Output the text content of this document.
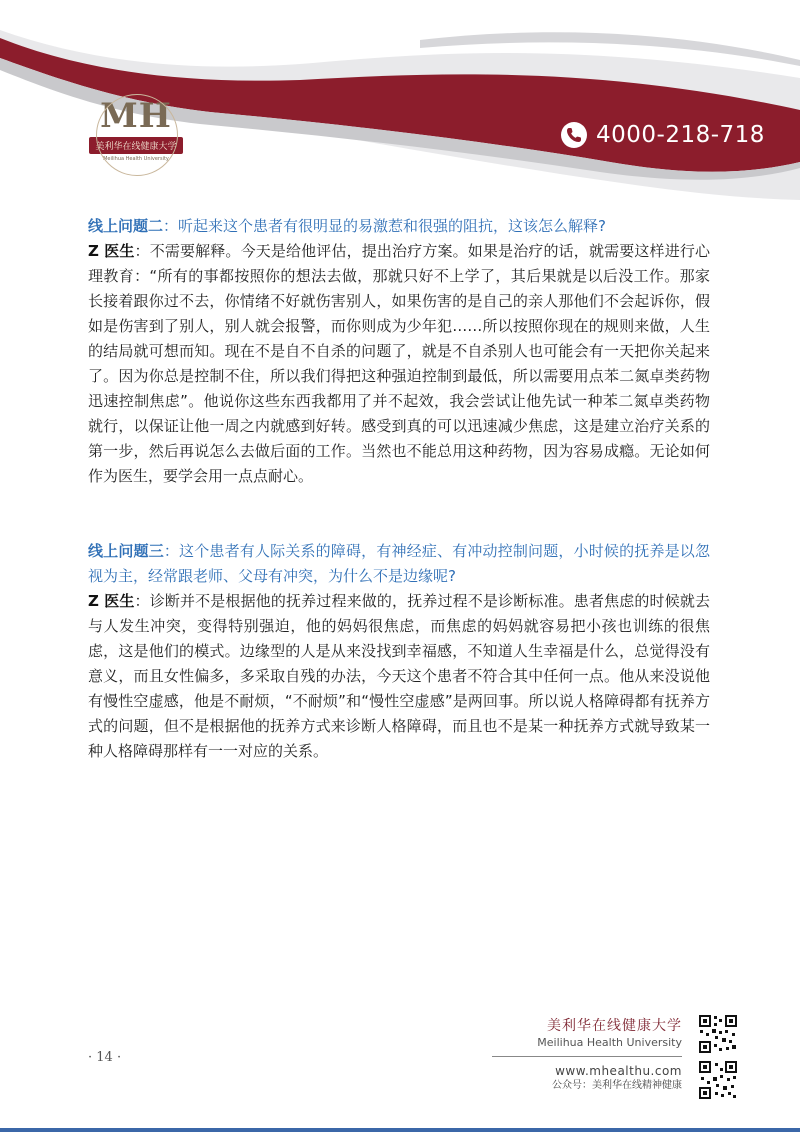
MH
美利华在线健康大学
Meilihua Health University
4000-218-718

线上问题二：听起来这个患者有很明显的易激惹和很强的阻抗，这该怎么解释?

Z 医生：不需要解释。今天是给他评估，提出治疗方案。如果是治疗的话，就需要这样进行心理教育：“所有的事都按照你的想法去做，那就只好不上学了，其后果就是以后没工作。那家长接着跟你过不去，你情绪不好就伤害别人，如果伤害的是自己的亲人那他们不会起诉你，假如是伤害到了别人，别人就会报警，而你则成为少年犯……所以按照你现在的规则来做，人生的结局就可想而知。现在不是自不自杀的问题了，就是不自杀别人也可能会有一天把你关起来了。因为你总是控制不住，所以我们得把这种强迫控制到最低，所以需要用点苯二氮卓类药物迅速控制焦虑”。他说你这些东西我都用了并不起效，我会尝试让他先试一种苯二氮卓类药物就行，以保证让他一周之内就感到好转。感受到真的可以迅速减少焦虑，这是建立治疗关系的第一步，然后再说怎么去做后面的工作。当然也不能总用这种药物，因为容易成瘾。无论如何作为医生，要学会用一点点耐心。

线上问题三：这个患者有人际关系的障碍，有神经症、有冲动控制问题，小时候的抚养是以忽视为主，经常跟老师、父母有冲突，为什么不是边缘呢?

Z 医生：诊断并不是根据他的抚养过程来做的，抚养过程不是诊断标准。患者焦虑的时候就去与人发生冲突，变得特别强迫，他的妈妈很焦虑，而焦虑的妈妈就容易把小孩也训练的很焦虑，这是他们的模式。边缘型的人是从来没找到幸福感，不知道人生幸福是什么，总觉得没有意义，而且女性偏多，多采取自残的办法，今天这个患者不符合其中任何一点。他从来没说他有慢性空虚感，他是不耐烦，“不耐烦”和“慢性空虚感”是两回事。所以说人格障碍都有抚养方式的问题，但不是根据他的抚养方式来诊断人格障碍，而且也不是某一种抚养方式就导致某一种人格障碍那样有一一对应的关系。

· 14 ·
美利华在线健康大学
Meilihua Health University
www.mhealthu.com
公众号：美利华在线精神健康
